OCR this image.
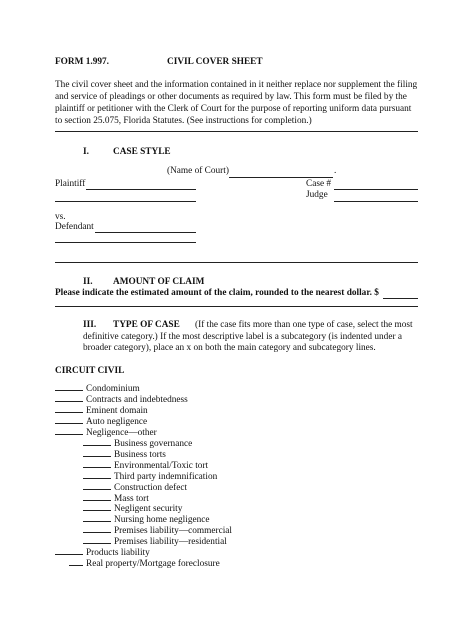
FORM 1.997.	CIVIL COVER SHEET
The civil cover sheet and the information contained in it neither replace nor supplement the filing
and service of pleadings or other documents as required by law. This form must be filed by the
plaintiff or petitioner with the Clerk of Court for the purpose of reporting uniform data pursuant
to section 25.075, Florida Statutes. (See instructions for completion.)
I.	CASE STYLE
(Name of Court)	.
Plaintiff	Case #
Judge
vs.
Defendant
II. AMOUNT OF CLAIM
Please indicate the estimated amount of the claim, rounded to the nearest dollar. $
III. TYPE OF CASE (If the case fits more than one type of case, select the most
definitive category.) If the most descriptive label is a subcategory (is indented under a
broader category), place an x on both the main category and subcategory lines.
CIRCUIT CIVIL
Condominium
Contracts and indebtedness
Eminent domain
Auto negligence
Negligence—other
Business governance
Business torts
Environmental/Toxic tort
Third party indemnification
Construction defect
Mass tort
Negligent security
Nursing home negligence
Premises liability—commercial
Premises liability—residential
Products liability
Real property/Mortgage foreclosure
